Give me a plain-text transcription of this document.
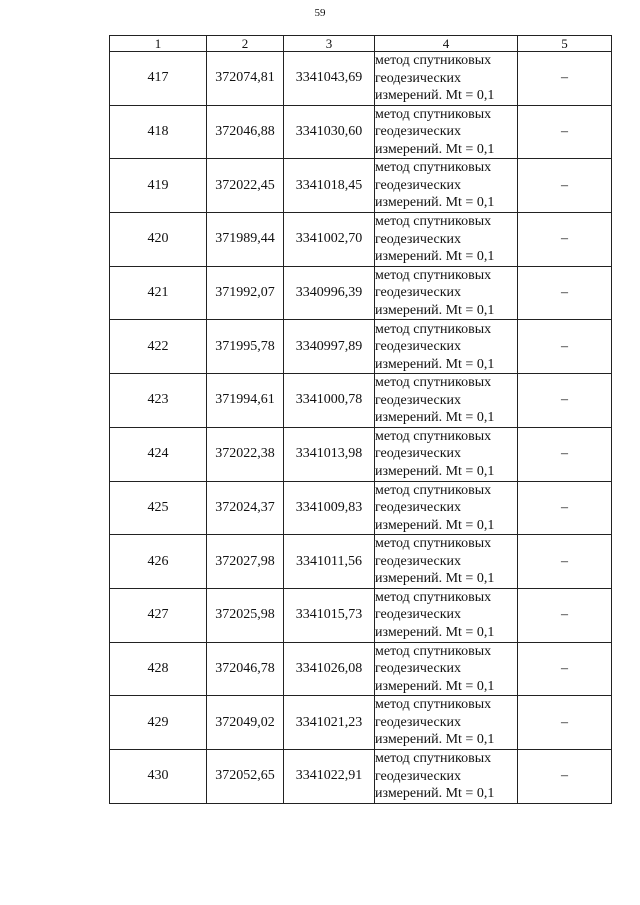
59
1	2	3	4	5
417	372074,81	3341043,69	метод спутниковых
геодезических
измерений. Mt = 0,1	–
418	372046,88	3341030,60	метод спутниковых
геодезических
измерений. Mt = 0,1	–
419	372022,45	3341018,45	метод спутниковых
геодезических
измерений. Mt = 0,1	–
420	371989,44	3341002,70	метод спутниковых
геодезических
измерений. Mt = 0,1	–
421	371992,07	3340996,39	метод спутниковых
геодезических
измерений. Mt = 0,1	–
422	371995,78	3340997,89	метод спутниковых
геодезических
измерений. Mt = 0,1	–
423	371994,61	3341000,78	метод спутниковых
геодезических
измерений. Mt = 0,1	–
424	372022,38	3341013,98	метод спутниковых
геодезических
измерений. Mt = 0,1	–
425	372024,37	3341009,83	метод спутниковых
геодезических
измерений. Mt = 0,1	–
426	372027,98	3341011,56	метод спутниковых
геодезических
измерений. Mt = 0,1	–
427	372025,98	3341015,73	метод спутниковых
геодезических
измерений. Mt = 0,1	–
428	372046,78	3341026,08	метод спутниковых
геодезических
измерений. Mt = 0,1	–
429	372049,02	3341021,23	метод спутниковых
геодезических
измерений. Mt = 0,1	–
430	372052,65	3341022,91	метод спутниковых
геодезических
измерений. Mt = 0,1	–
